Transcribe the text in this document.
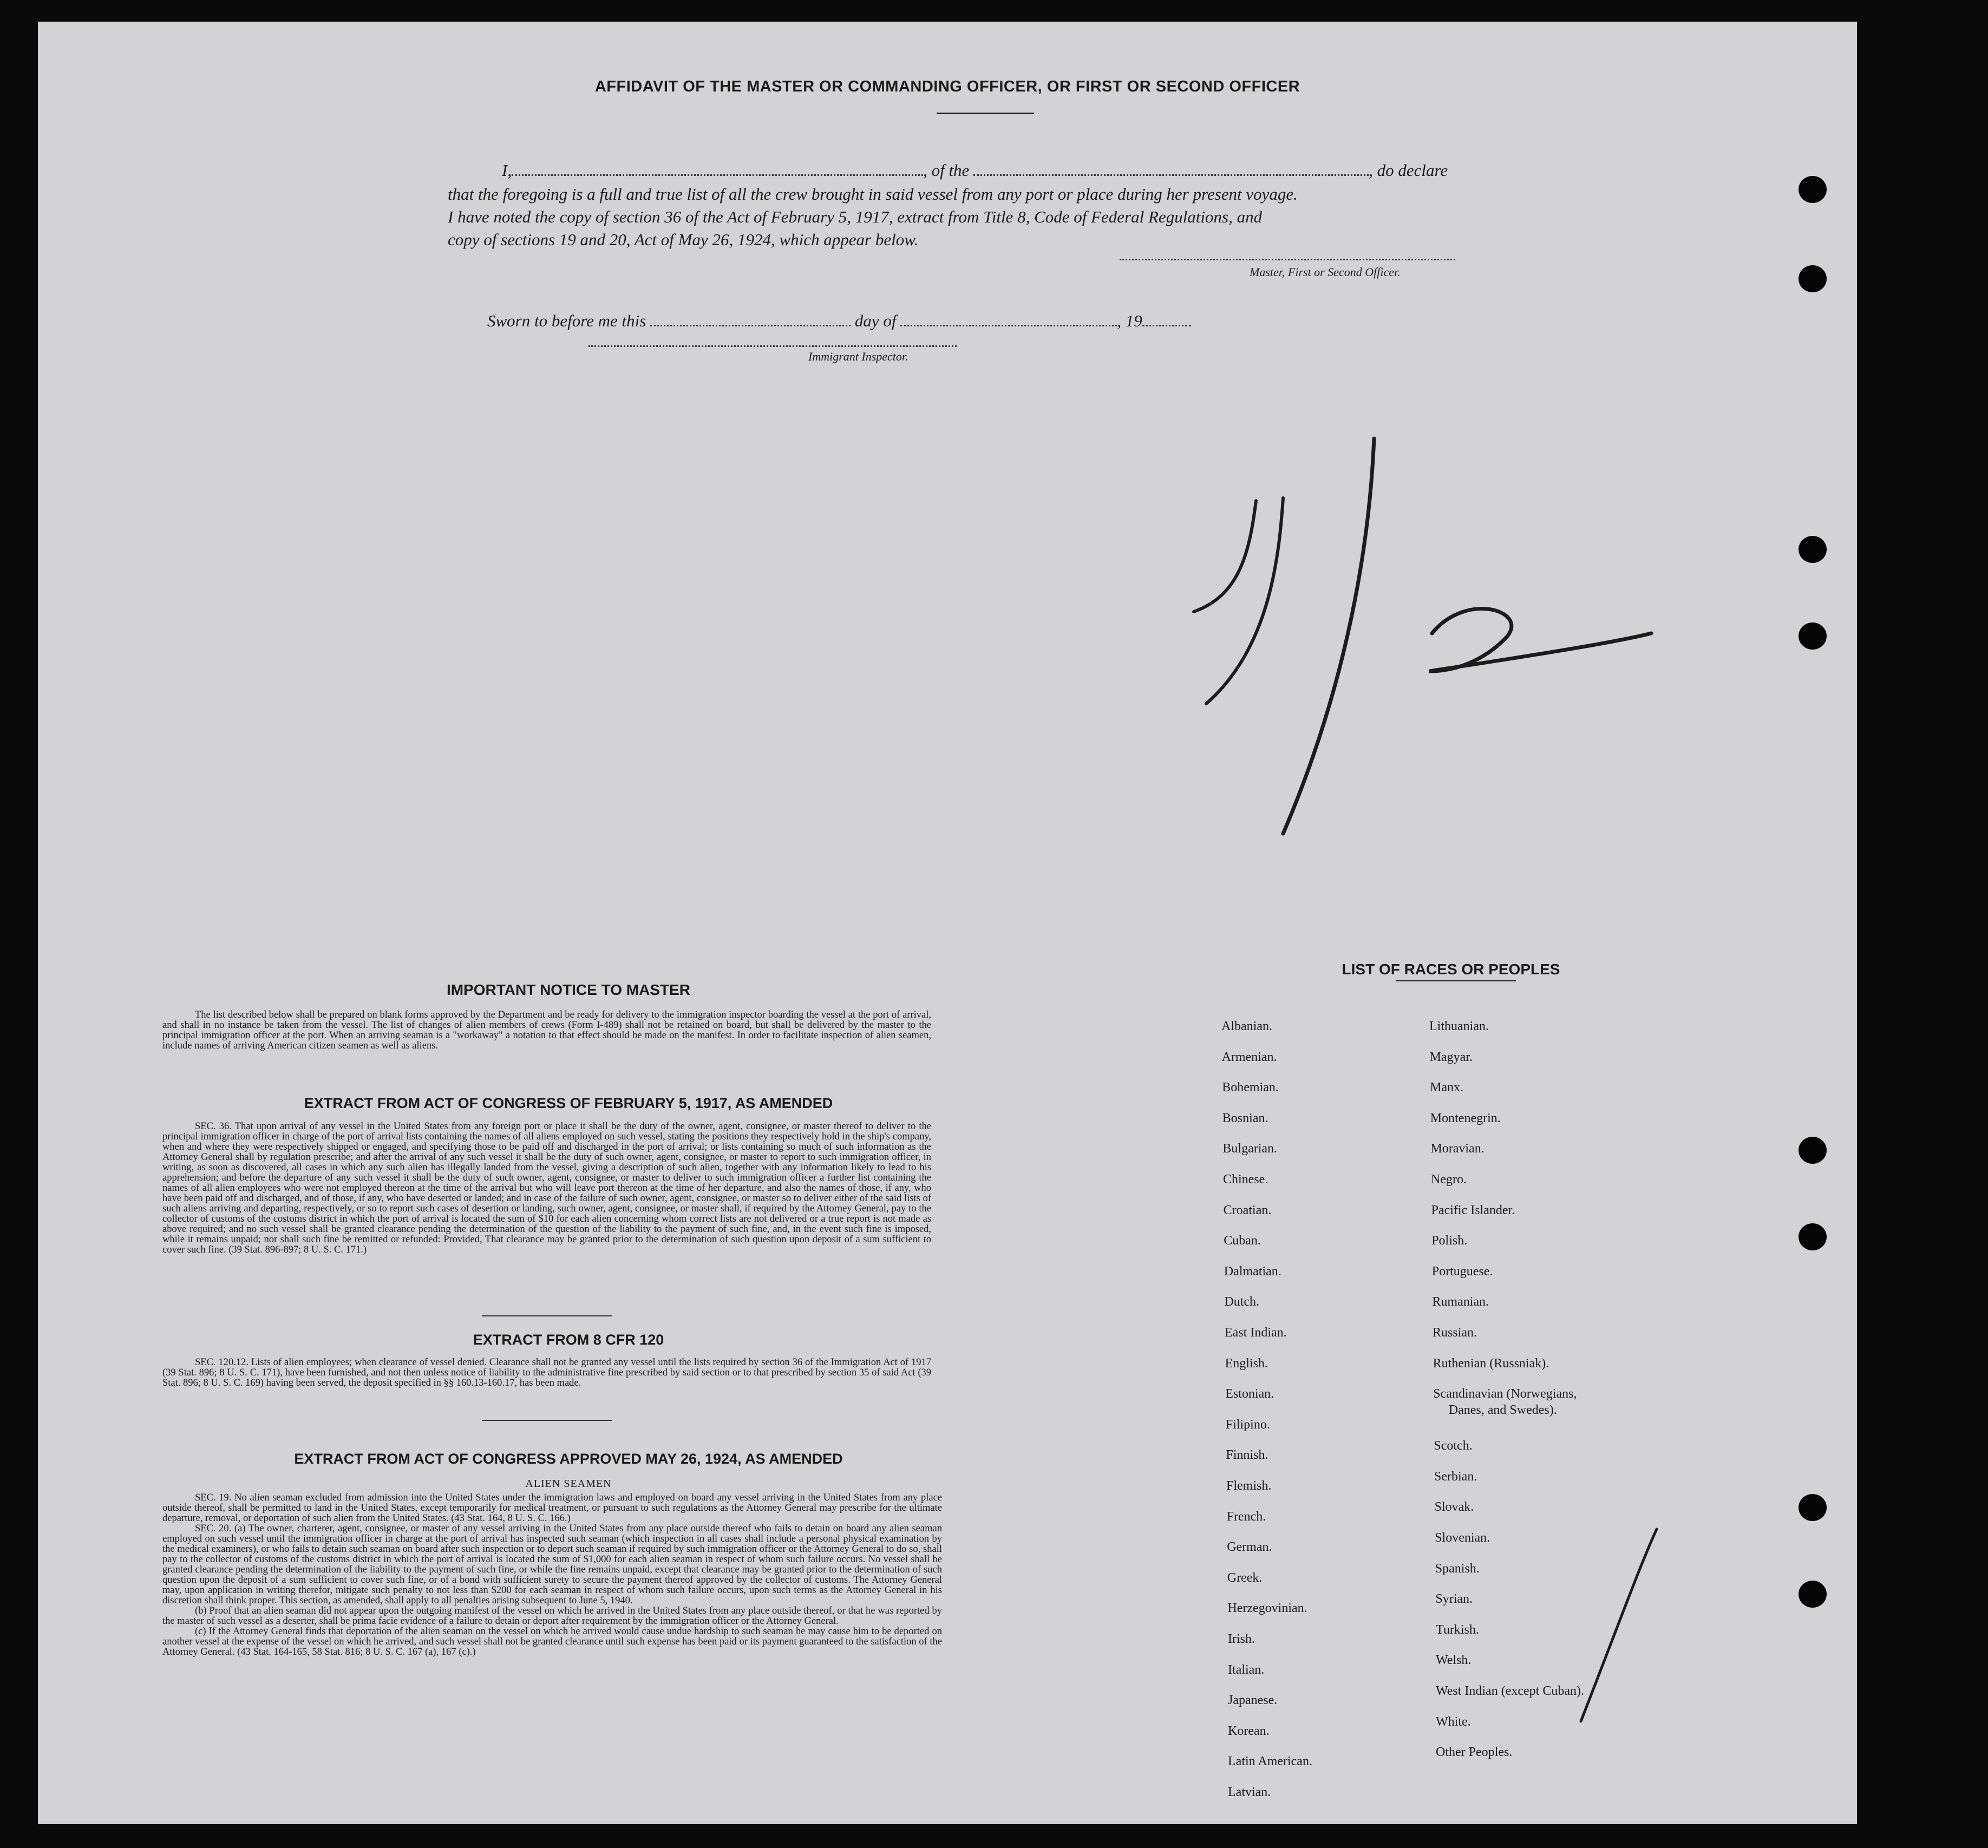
AFFIDAVIT OF THE MASTER OR COMMANDING OFFICER, OR FIRST OR SECOND OFFICER
I,	, of the	, do declare
that the foregoing is a full and true list of all the crew brought in said vessel from any port or place during her present voyage.
I have noted the copy of section 36 of the Act of February 5, 1917, extract from Title 8, Code of Federal Regulations, and
copy of sections 19 and 20, Act of May 26, 1924, which appear below.
Master, First or Second Officer.
Sworn to before me this	day of	, 19
Immigrant Inspector.
IMPORTANT NOTICE TO MASTER
The list described below shall be prepared on blank forms approved by the Department and be ready for delivery to the immigration inspector boarding the vessel at the port of arrival, and shall in no instance be taken from the vessel. The list of changes of alien members of crews (Form I-489) shall not be retained on board, but shall be delivered by the master to the principal immigration officer at the port. When an arriving seaman is a "workaway" a notation to that effect should be made on the manifest. In order to facilitate inspection of alien seamen, include names of arriving American citizen seamen as well as aliens.
EXTRACT FROM ACT OF CONGRESS OF FEBRUARY 5, 1917, AS AMENDED
SEC. 36. That upon arrival of any vessel in the United States from any foreign port or place it shall be the duty of the owner, agent, consignee, or master thereof to deliver to the principal immigration officer in charge of the port of arrival lists containing the names of all aliens employed on such vessel, stating the positions they respectively hold in the ship's company, when and where they were respectively shipped or engaged, and specifying those to be paid off and discharged in the port of arrival; or lists containing so much of such information as the Attorney General shall by regulation prescribe; and after the arrival of any such vessel it shall be the duty of such owner, agent, consignee, or master to report to such immigration officer, in writing, as soon as discovered, all cases in which any such alien has illegally landed from the vessel, giving a description of such alien, together with any information likely to lead to his apprehension; and before the departure of any such vessel it shall be the duty of such owner, agent, consignee, or master to deliver to such immigration officer a further list containing the names of all alien employees who were not employed thereon at the time of the arrival but who will leave port thereon at the time of her departure, and also the names of those, if any, who have been paid off and discharged, and of those, if any, who have deserted or landed; and in case of the failure of such owner, agent, consignee, or master so to deliver either of the said lists of such aliens arriving and departing, respectively, or so to report such cases of desertion or landing, such owner, agent, consignee, or master shall, if required by the Attorney General, pay to the collector of customs of the costoms district in which the port of arrival is located the sum of $10 for each alien concerning whom correct lists are not delivered or a true report is not made as above required; and no such vessel shall be granted clearance pending the determination of the question of the liability to the payment of such fine, and, in the event such fine is imposed, while it remains unpaid; nor shall such fine be remitted or refunded: Provided, That clearance may be granted prior to the determination of such question upon deposit of a sum sufficient to cover such fine. (39 Stat. 896-897; 8 U. S. C. 171.)
EXTRACT FROM 8 CFR 120
SEC. 120.12. Lists of alien employees; when clearance of vessel denied. Clearance shall not be granted any vessel until the lists required by section 36 of the Immigration Act of 1917 (39 Stat. 896; 8 U. S. C. 171), have been furnished, and not then unless notice of liability to the administrative fine prescribed by said section or to that prescribed by section 35 of said Act (39 Stat. 896; 8 U. S. C. 169) having been served, the deposit specified in §§ 160.13-160.17, has been made.
EXTRACT FROM ACT OF CONGRESS APPROVED MAY 26, 1924, AS AMENDED
ALIEN SEAMEN
SEC. 19. No alien seaman excluded from admission into the United States under the immigration laws and employed on board any vessel arriving in the United States from any place outside thereof, shall be permitted to land in the United States, except temporarily for medical treatment, or pursuant to such regulations as the Attorney General may prescribe for the ultimate departure, removal, or deportation of such alien from the United States. (43 Stat. 164, 8 U. S. C. 166.)
SEC. 20. (a) The owner, charterer, agent, consignee, or master of any vessel arriving in the United States from any place outside thereof who fails to detain on board any alien seaman employed on such vessel until the immigration officer in charge at the port of arrival has inspected such seaman (which inspection in all cases shall include a personal physical examination by the medical examiners), or who fails to detain such seaman on board after such inspection or to deport such seaman if required by such immigration officer or the Attorney General to do so, shall pay to the collector of customs of the customs district in which the port of arrival is located the sum of $1,000 for each alien seaman in respect of whom such failure occurs. No vessel shall be granted clearance pending the determination of the liability to the payment of such fine, or while the fine remains unpaid, except that clearance may be granted prior to the determination of such question upon the deposit of a sum sufficient to cover such fine, or of a bond with sufficient surety to secure the payment thereof approved by the collector of customs. The Attorney General may, upon application in writing therefor, mitigate such penalty to not less than $200 for each seaman in respect of whom such failure occurs, upon such terms as the Attorney General in his discretion shall think proper. This section, as amended, shall apply to all penalties arising subsequent to June 5, 1940.
(b) Proof that an alien seaman did not appear upon the outgoing manifest of the vessel on which he arrived in the United States from any place outside thereof, or that he was reported by the master of such vessel as a deserter, shall be prima facie evidence of a failure to detain or deport after requirement by the immigration officer or the Attorney General.
(c) If the Attorney General finds that deportation of the alien seaman on the vessel on which he arrived would cause undue hardship to such seaman he may cause him to be deported on another vessel at the expense of the vessel on which he arrived, and such vessel shall not be granted clearance until such expense has been paid or its payment guaranteed to the satisfaction of the Attorney General. (43 Stat. 164-165, 58 Stat. 816; 8 U. S. C. 167 (a), 167 (c).)
LIST OF RACES OR PEOPLES
Albanian.
Armenian.
Bohemian.
Bosnian.
Bulgarian.
Chinese.
Croatian.
Cuban.
Dalmatian.
Dutch.
East Indian.
English.
Estonian.
Filipino.
Finnish.
Flemish.
French.
German.
Greek.
Herzegovinian.
Irish.
Italian.
Japanese.
Korean.
Latin American.
Latvian.
Lithuanian.
Magyar.
Manx.
Montenegrin.
Moravian.
Negro.
Pacific Islander.
Polish.
Portuguese.
Rumanian.
Russian.
Ruthenian (Russniak).
Scandinavian (Norwegians,
Danes, and Swedes).
Scotch.
Serbian.
Slovak.
Slovenian.
Spanish.
Syrian.
Turkish.
Welsh.
West Indian (except Cuban).
White.
Other Peoples.
